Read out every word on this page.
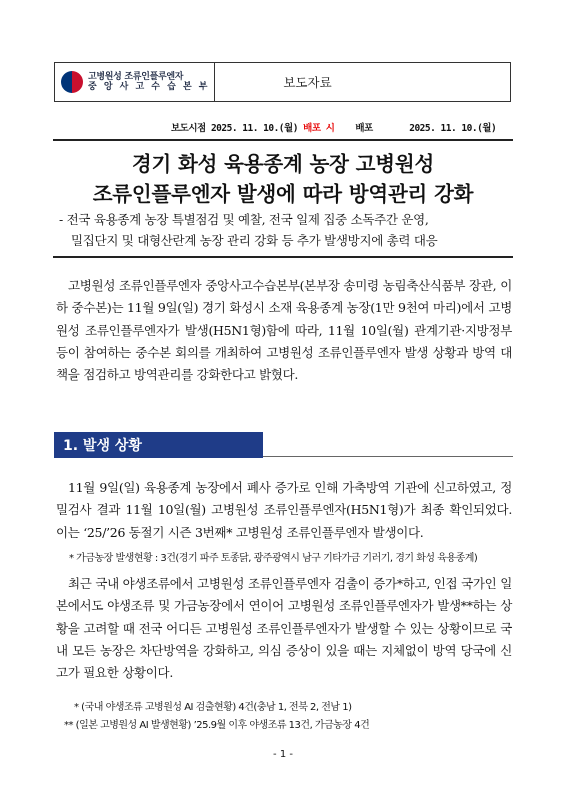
고병원성 조류인플루엔자
중 앙 사 고 수 습 본 부	보도자료
보도시점 2025. 11. 10.(월) 배포 시 배포	2025. 11. 10.(월)
경기 화성 육용종계 농장 고병원성
조류인플루엔자 발생에 따라 방역관리 강화
- 전국 육용종계 농장 특별점검 및 예찰, 전국 일제 집중 소독주간 운영,
밀집단지 및 대형산란계 농장 관리 강화 등 추가 발생방지에 총력 대응
고병원성 조류인플루엔자 중앙사고수습본부(본부장 송미령 농림축산식품부 장관, 이하 중수본)는 11월 9일(일) 경기 화성시 소재 육용종계 농장(1만 9천여 마리)에서 고병원성 조류인플루엔자가 발생(H5N1형)함에 따라, 11월 10일(월) 관계기관·지방정부 등이 참여하는 중수본 회의를 개최하여 고병원성 조류인플루엔자 발생 상황과 방역 대책을 점검하고 방역관리를 강화한다고 밝혔다.
1. 발생 상황
11월 9일(일) 육용종계 농장에서 폐사 증가로 인해 가축방역 기관에 신고하였고, 정밀검사 결과 11월 10일(월) 고병원성 조류인플루엔자(H5N1형)가 최종 확인되었다. 이는 ‘25/’26 동절기 시즌 3번째* 고병원성 조류인플루엔자 발생이다.
* 가금농장 발생현황 : 3건(경기 파주 토종닭, 광주광역시 남구 기타가금 기러기, 경기 화성 육용종계)
최근 국내 야생조류에서 고병원성 조류인플루엔자 검출이 증가*하고, 인접 국가인 일본에서도 야생조류 및 가금농장에서 연이어 고병원성 조류인플루엔자가 발생**하는 상황을 고려할 때 전국 어디든 고병원성 조류인플루엔자가 발생할 수 있는 상황이므로 국내 모든 농장은 차단방역을 강화하고, 의심 증상이 있을 때는 지체없이 방역 당국에 신고가 필요한 상황이다.
* (국내 야생조류 고병원성 AI 검출현황) 4건(충남 1, 전북 2, 전남 1)
** (일본 고병원성 AI 발생현황) ’25.9월 이후 야생조류 13건, 가금농장 4건
- 1 -
